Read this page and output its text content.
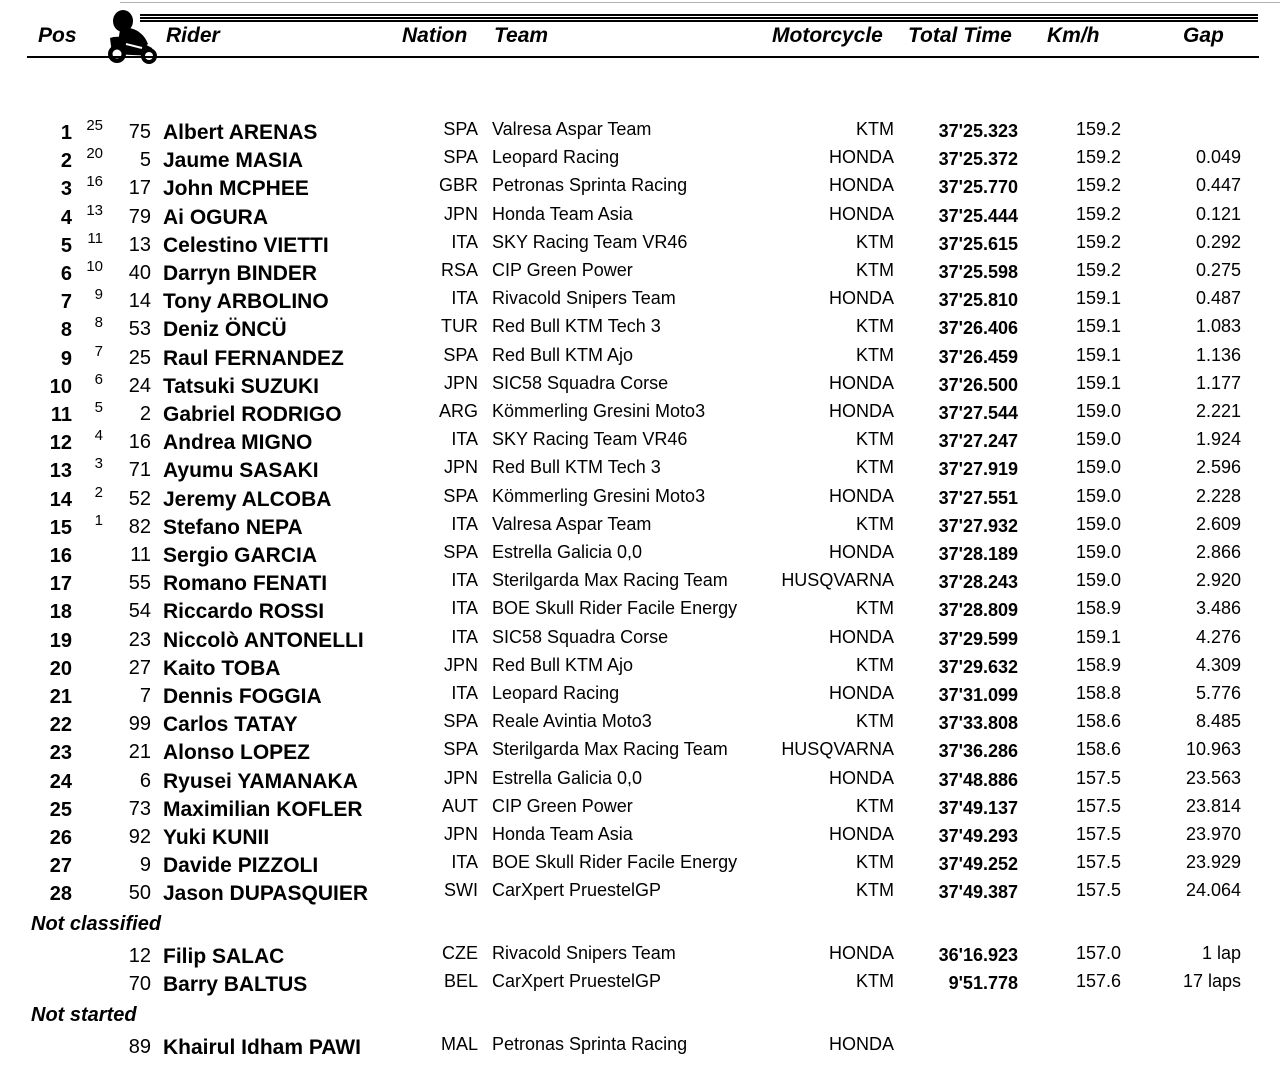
Pos	Rider	Nation Team	Motorcycle Total Time Km/h	Gap
1 25	75 Albert ARENAS	SPA Valresa Aspar Team	KTM	37'25.323	159.2
2 20	5 Jaume MASIA	SPA Leopard Racing	HONDA	37'25.372	159.2	0.049
3 16	17 John MCPHEE	GBR Petronas Sprinta Racing	HONDA	37'25.770	159.2	0.447
4 13	79 Ai OGURA	JPN Honda Team Asia	HONDA	37'25.444	159.2	0.121
5	11	13 Celestino VIETTI	ITA SKY Racing Team VR46	KTM	37'25.615	159.2	0.292
6 10	40 Darryn BINDER	RSA CIP Green Power	KTM	37'25.598	159.2	0.275
7	9	14 Tony ARBOLINO	ITA Rivacold Snipers Team	HONDA	37'25.810	159.1	0.487
8	8	53 Deniz ÖNCÜ	TUR Red Bull KTM Tech 3	KTM	37'26.406	159.1	1.083
9	7	25 Raul FERNANDEZ	SPA Red Bull KTM Ajo	KTM	37'26.459	159.1	1.136
10	6	24 Tatsuki SUZUKI	JPN SIC58 Squadra Corse	HONDA	37'26.500	159.1	1.177
11	5	2 Gabriel RODRIGO	ARG Kömmerling Gresini Moto3	HONDA	37'27.544	159.0	2.221
12	4	16 Andrea MIGNO	ITA SKY Racing Team VR46	KTM	37'27.247	159.0	1.924
13	3	71 Ayumu SASAKI	JPN Red Bull KTM Tech 3	KTM	37'27.919	159.0	2.596
14	2	52 Jeremy ALCOBA	SPA Kömmerling Gresini Moto3	HONDA	37'27.551	159.0	2.228
15	1	82 Stefano NEPA	ITA Valresa Aspar Team	KTM	37'27.932	159.0	2.609
16	11 Sergio GARCIA	SPA Estrella Galicia 0,0	HONDA	37'28.189	159.0	2.866
17	55 Romano FENATI	ITA Sterilgarda Max Racing Team	HUSQVARNA	37'28.243	159.0	2.920
18	54 Riccardo ROSSI	ITA BOE Skull Rider Facile Energy	KTM	37'28.809	158.9	3.486
19	23 Niccolò ANTONELLI	ITA SIC58 Squadra Corse	HONDA	37'29.599	159.1	4.276
20	27 Kaito TOBA	JPN Red Bull KTM Ajo	KTM	37'29.632	158.9	4.309
21	7 Dennis FOGGIA	ITA Leopard Racing	HONDA	37'31.099	158.8	5.776
22	99 Carlos TATAY	SPA Reale Avintia Moto3	KTM	37'33.808	158.6	8.485
23	21 Alonso LOPEZ	SPA Sterilgarda Max Racing Team	HUSQVARNA	37'36.286	158.6	10.963
24	6 Ryusei YAMANAKA	JPN Estrella Galicia 0,0	HONDA	37'48.886	157.5	23.563
25	73 Maximilian KOFLER	AUT CIP Green Power	KTM	37'49.137	157.5	23.814
26	92 Yuki KUNII	JPN Honda Team Asia	HONDA	37'49.293	157.5	23.970
27	9 Davide PIZZOLI	ITA BOE Skull Rider Facile Energy	KTM	37'49.252	157.5	23.929
28	50 Jason DUPASQUIER	SWI CarXpert PruestelGP	KTM	37'49.387	157.5	24.064
12 Filip SALAC	CZE Rivacold Snipers Team	HONDA	36'16.923	157.0	1 lap
70 Barry BALTUS	BEL CarXpert PruestelGP	KTM	9'51.778	157.6	17 laps
89 Khairul Idham PAWI	MAL Petronas Sprinta Racing	HONDA
Not classified
Not started
